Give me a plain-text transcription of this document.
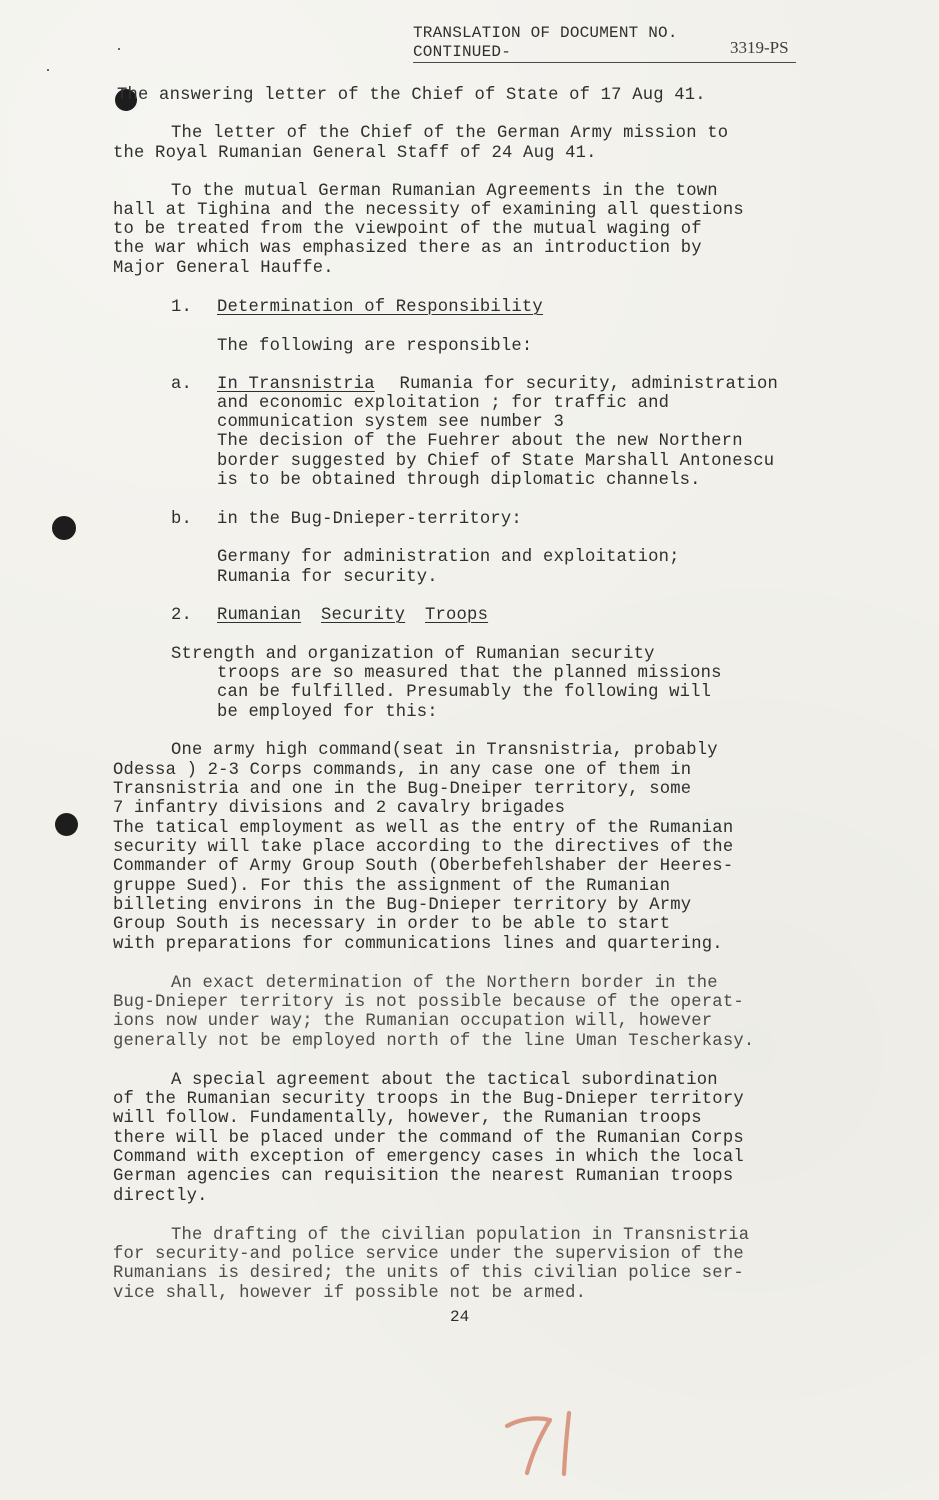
TRANSLATION OF DOCUMENT NO.
CONTINUED-	3319-PS
The answering letter of the Chief of State of 17 Aug 41.
The letter of the Chief of the German Army mission to
the Royal Rumanian General Staff of 24 Aug 41.
To the mutual German Rumanian Agreements in the town
hall at Tighina and the necessity of examining all questions
to be treated from the viewpoint of the mutual waging of
the war which was emphasized there as an introduction by
Major General Hauffe.
1. Determination of Responsibility
The following are responsible:
a. In Transnistria Rumania for security, administration
and economic exploitation ; for traffic and
communication system see number 3
The decision of the Fuehrer about the new Northern
border suggested by Chief of State Marshall Antonescu
is to be obtained through diplomatic channels.
b. in the Bug-Dnieper-territory:
Germany for administration and exploitation;
Rumania for security.
2. Rumanian Security Troops
Strength and organization of Rumanian security
troops are so measured that the planned missions
can be fulfilled. Presumably the following will
be employed for this:
One army high command(seat in Transnistria, probably
Odessa ) 2-3 Corps commands, in any case one of them in
Transnistria and one in the Bug-Dneiper territory, some
7 infantry divisions and 2 cavalry brigades
The tatical employment as well as the entry of the Rumanian
security will take place according to the directives of the
Commander of Army Group South (Oberbefehlshaber der Heeres-
gruppe Sued). For this the assignment of the Rumanian
billeting environs in the Bug-Dnieper territory by Army
Group South is necessary in order to be able to start
with preparations for communications lines and quartering.
An exact determination of the Northern border in the
Bug-Dnieper territory is not possible because of the operat-
ions now under way; the Rumanian occupation will, however
generally not be employed north of the line Uman Tescherkasy.
A special agreement about the tactical subordination
of the Rumanian security troops in the Bug-Dnieper territory
will follow. Fundamentally, however, the Rumanian troops
there will be placed under the command of the Rumanian Corps
Command with exception of emergency cases in which the local
German agencies can requisition the nearest Rumanian troops
directly.
The drafting of the civilian population in Transnistria
for security-and police service under the supervision of the
Rumanians is desired; the units of this civilian police ser-
vice shall, however if possible not be armed.
24
